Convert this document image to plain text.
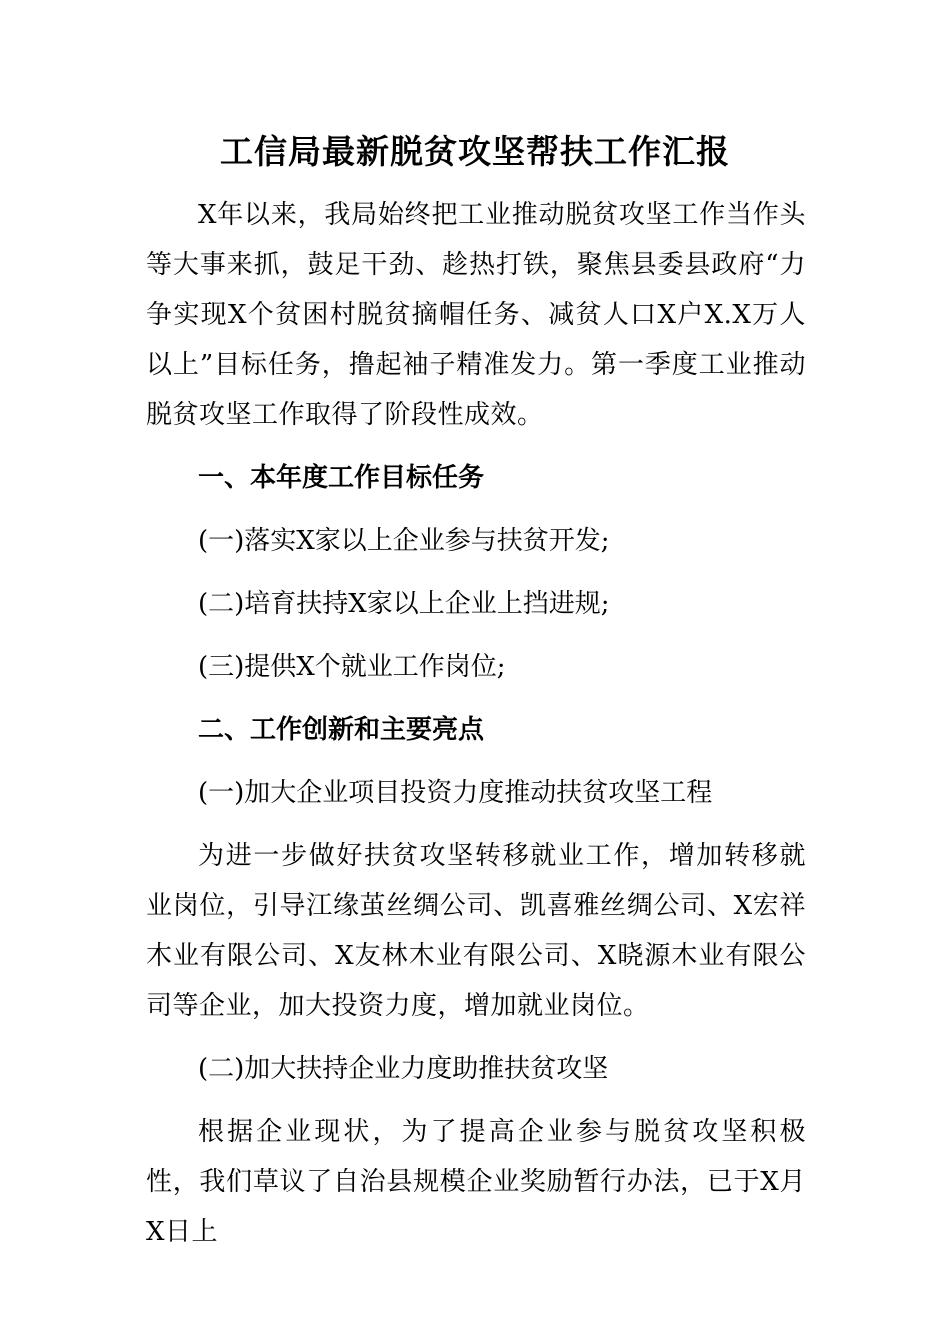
工信局最新脱贫攻坚帮扶工作汇报

X年以来，我局始终把工业推动脱贫攻坚工作当作头等大事来抓，鼓足干劲、趁热打铁，聚焦县委县政府“力争实现X个贫困村脱贫摘帽任务、减贫人口X户X.X万人以上”目标任务，撸起袖子精准发力。第一季度工业推动脱贫攻坚工作取得了阶段性成效。

一、本年度工作目标任务

(一)落实X家以上企业参与扶贫开发;

(二)培育扶持X家以上企业上挡进规;

(三)提供X个就业工作岗位;

二、工作创新和主要亮点

(一)加大企业项目投资力度推动扶贫攻坚工程

为进一步做好扶贫攻坚转移就业工作，增加转移就业岗位，引导江缘茧丝绸公司、凯喜雅丝绸公司、X宏祥木业有限公司、X友林木业有限公司、X晓源木业有限公司等企业，加大投资力度，增加就业岗位。

(二)加大扶持企业力度助推扶贫攻坚

根据企业现状，为了提高企业参与脱贫攻坚积极性，我们草议了自治县规模企业奖励暂行办法，已于X月X日上
